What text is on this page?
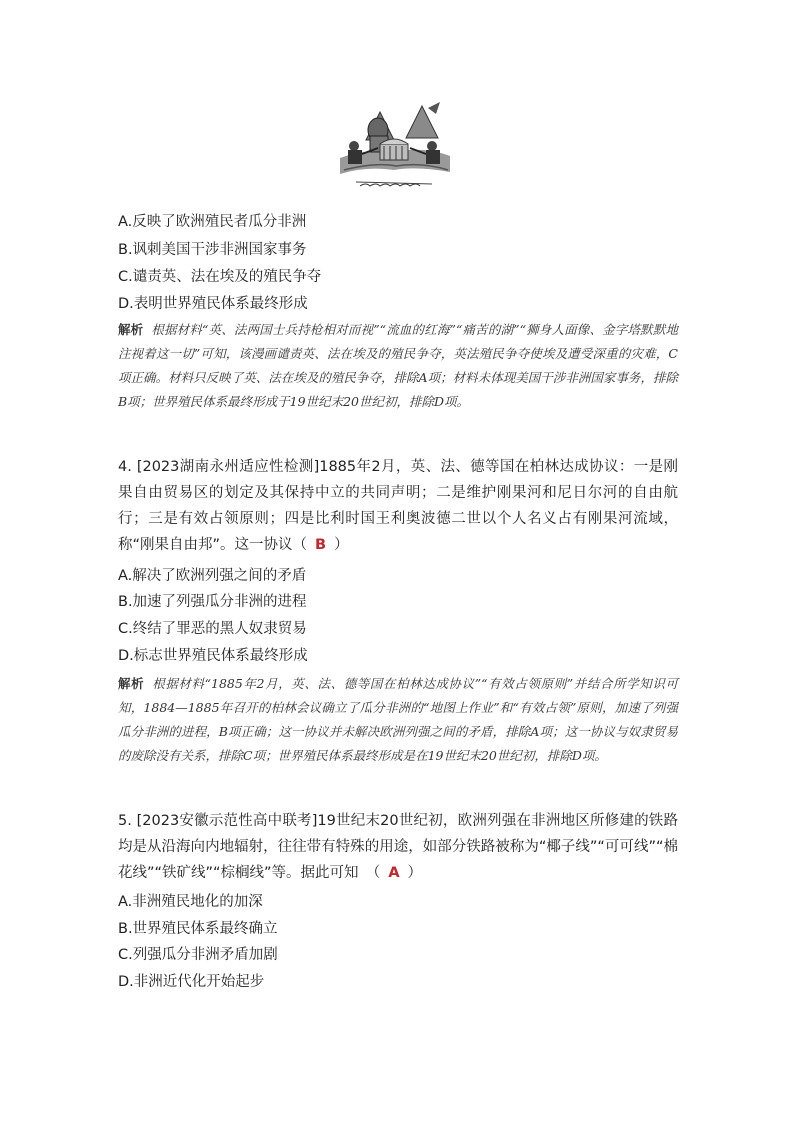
A.反映了欧洲殖民者瓜分非洲
B.讽刺美国干涉非洲国家事务
C.谴责英、法在埃及的殖民争夺
D.表明世界殖民体系最终形成
解析 根据材料“英、法两国士兵持枪相对而视”“流血的红海”“痛苦的湖”“狮身人面像、金字塔默默地注视着这一切”可知，该漫画谴责英、法在埃及的殖民争夺，英法殖民争夺使埃及遭受深重的灾难，C项正确。材料只反映了英、法在埃及的殖民争夺，排除A项；材料未体现美国干涉非洲国家事务，排除B项；世界殖民体系最终形成于19世纪末20世纪初，排除D项。
4. [2023湖南永州适应性检测]1885年2月，英、法、德等国在柏林达成协议：一是刚果自由贸易区的划定及其保持中立的共同声明；二是维护刚果河和尼日尔河的自由航行；三是有效占领原则；四是比利时国王利奥波德二世以个人名义占有刚果河流域，称“刚果自由邦”。这一协议（ B ）
A.解决了欧洲列强之间的矛盾
B.加速了列强瓜分非洲的进程
C.终结了罪恶的黑人奴隶贸易
D.标志世界殖民体系最终形成
解析 根据材料“1885年2月，英、法、德等国在柏林达成协议”“有效占领原则”并结合所学知识可知，1884—1885年召开的柏林会议确立了瓜分非洲的“地图上作业”和“有效占领”原则，加速了列强瓜分非洲的进程，B项正确；这一协议并未解决欧洲列强之间的矛盾，排除A项；这一协议与奴隶贸易的废除没有关系，排除C项；世界殖民体系最终形成是在19世纪末20世纪初，排除D项。
5. [2023安徽示范性高中联考]19世纪末20世纪初，欧洲列强在非洲地区所修建的铁路均是从沿海向内地辐射，往往带有特殊的用途，如部分铁路被称为“椰子线”“可可线”“棉花线”“铁矿线”“棕榈线”等。据此可知　（ A ）
A.非洲殖民地化的加深
B.世界殖民体系最终确立
C.列强瓜分非洲矛盾加剧
D.非洲近代化开始起步
